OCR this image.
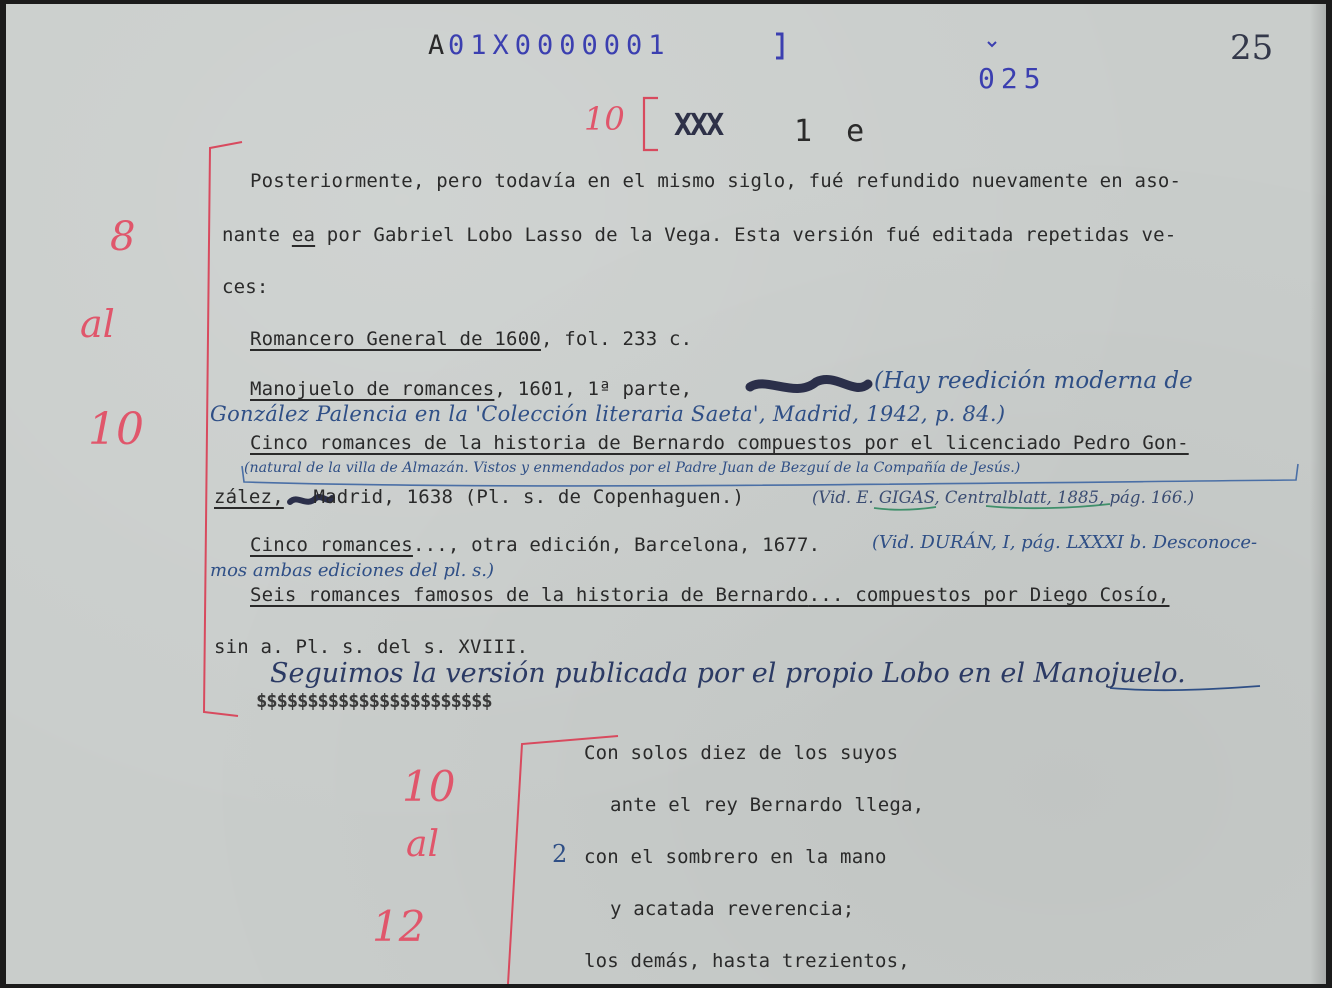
A 01X0000001
025
25
10 XXX 1 e
8
al
10
10
al
12
2
Posteriormente, pero todavía en el mismo siglo, fué refundido nuevamente en aso-
nante ea por Gabriel Lobo Lasso de la Vega. Esta versión fué editada repetidas ve-
ces:
Romancero General de 1600, fol. 233 c.
Manojuelo de romances, 1601, 1ª parte,	(Hay reedición moderna de
González Palencia en la 'Colección literaria Saeta', Madrid, 1942, p. 84.)
Cinco romances de la historia de Bernardo compuestos por el licenciado Pedro Gon-
(natural de la villa de Almazán. Vistos y enmendados por el Padre Juan de Bezguí de la Compañía de Jesús.)
zález, Madrid, 1638 (Pl. s. de Copenhaguen.)	(Vid. E. GIGAS, Centralblatt, 1885, pág. 166.)
Cinco romances..., otra edición, Barcelona, 1677.	(Vid. DURÁN, I, pág. LXXXI b. Desconoce-
mos ambas ediciones del pl. s.)
Seis romances famosos de la historia de Bernardo... compuestos por Diego Cosío,
sin a. Pl. s. del s. XVIII.
Seguimos la versión publicada por el propio Lobo en el Manojuelo.
$$$$$$$$$$$$$$$$$$$$$$$
Con solos diez de los suyos
ante el rey Bernardo llega,
con el sombrero en la mano
y acatada reverencia;
los demás, hasta trezientos,
